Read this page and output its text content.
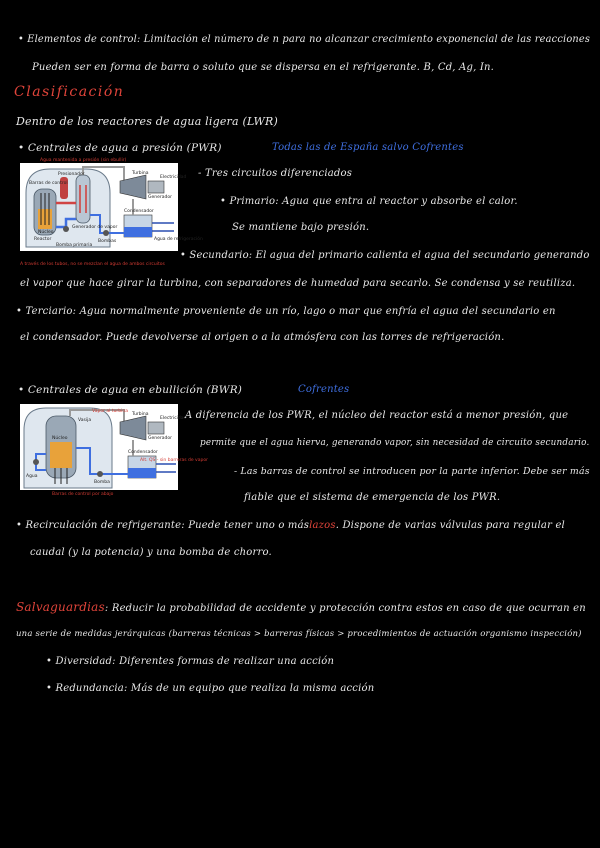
• Elementos de control: Limitación el número de n para no alcanzar crecimiento exponencial de las reacciones
Pueden ser en forma de barra o soluto que se dispersa en el refrigerante. B, Cd, Ag, In.
Clasificación
Dentro de los reactores de agua ligera (LWR)
• Centrales de agua a presión (PWR)	Todas las de España salvo Cofrentes
Turbina
Generador
Condensador
Agua de refrigeración
Bombas
Barras de control
Reactor
Presionador
Generador de vapor
Núcleo
Bomba primaria
Electricidad
Agua mantenida a presión (sin ebullir)
A través de los tubos, no se mezclan el agua de ambos circuitos
- Tres circuitos diferenciados
• Primario: Agua que entra al reactor y absorbe el calor.
Se mantiene bajo presión.
• Secundario: El agua del primario calienta el agua del secundario generando
el vapor que hace girar la turbina, con separadores de humedad para secarlo. Se condensa y se reutiliza.
• Terciario: Agua normalmente proveniente de un río, lago o mar que enfría el agua del secundario en
el condensador. Puede devolverse al origen o a la atmósfera con las torres de refrigeración.
• Centrales de agua en ebullición (BWR)	Cofrentes
Turbina
Generador
Condensador
Vasija
Núcleo
Bomba
Agua
Electricidad
Vapor al turbina
Alt. QS - sin barreras de vapor
Barras de control por abajo
A diferencia de los PWR, el núcleo del reactor está a menor presión, que
permite que el agua hierva, generando vapor, sin necesidad de circuito secundario.
- Las barras de control se introducen por la parte inferior. Debe ser más
fiable que el sistema de emergencia de los PWR.
• Recirculación de refrigerante: Puede tener uno o máslazos. Dispone de varias válvulas para regular el
caudal (y la potencia) y una bomba de chorro.
Salvaguardias: Reducir la probabilidad de accidente y protección contra estos en caso de que ocurran en
una serie de medidas jerárquicas (barreras técnicas > barreras físicas > procedimientos de actuación organismo inspección)
• Diversidad: Diferentes formas de realizar una acción
• Redundancia: Más de un equipo que realiza la misma acción
